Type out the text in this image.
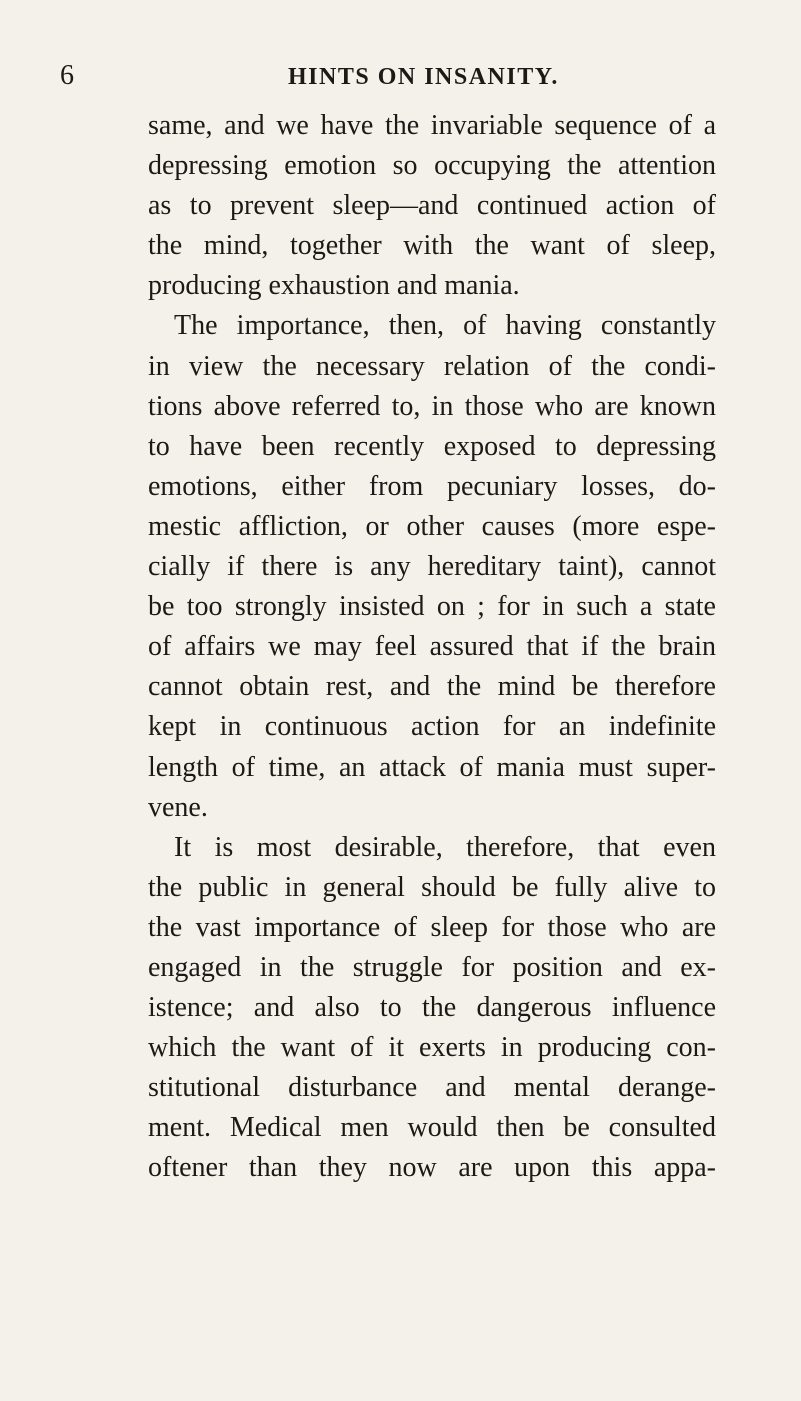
6	HINTS ON INSANITY.
same, and we have the invariable sequence of a
depressing emotion so occupying the attention
as to prevent sleep—and continued action of
the mind, together with the want of sleep,
producing exhaustion and mania.
The importance, then, of having constantly
in view the necessary relation of the condi-
tions above referred to, in those who are known
to have been recently exposed to depressing
emotions, either from pecuniary losses, do-
mestic affliction, or other causes (more espe-
cially if there is any hereditary taint), cannot
be too strongly insisted on ; for in such a state
of affairs we may feel assured that if the brain
cannot obtain rest, and the mind be therefore
kept in continuous action for an indefinite
length of time, an attack of mania must super-
vene.
It is most desirable, therefore, that even
the public in general should be fully alive to
the vast importance of sleep for those who are
engaged in the struggle for position and ex-
istence; and also to the dangerous influence
which the want of it exerts in producing con-
stitutional disturbance and mental derange-
ment. Medical men would then be consulted
oftener than they now are upon this appa-
